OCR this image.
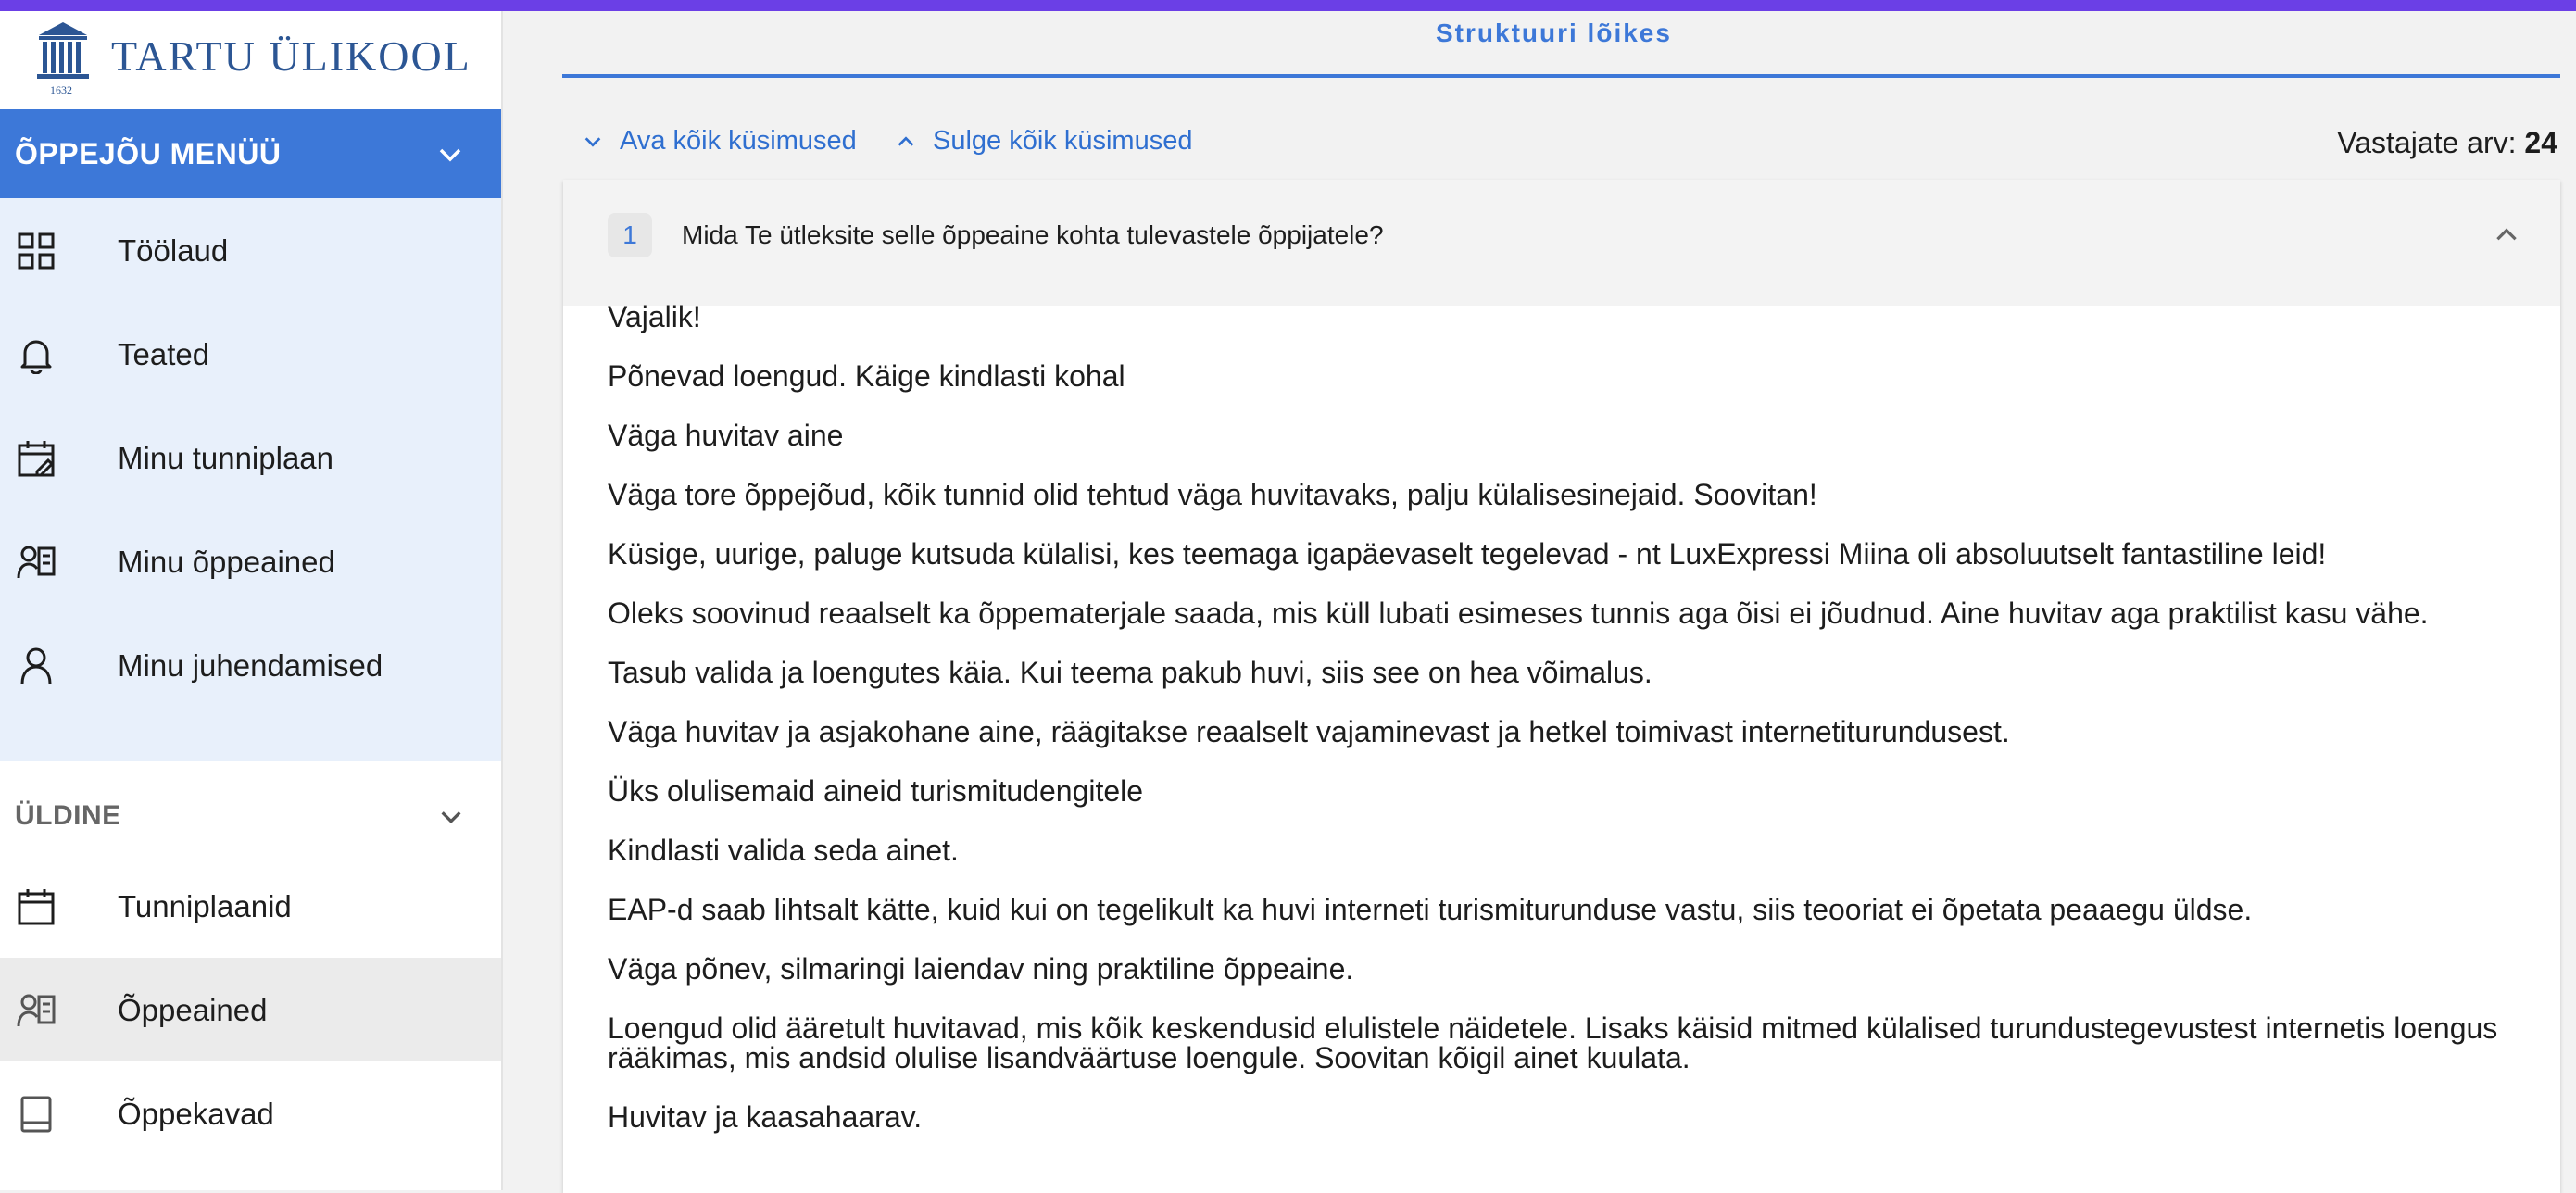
1632
TARTU ÜLIKOOL
ÕPPEJÕU MENÜÜ
Töölaud
Teated
Minu tunniplaan
Minu õppeained
Minu juhendamised
ÜLDINE
Tunniplaanid
Õppeained
Õppekavad
Struktuuri lõikes
Ava kõik küsimused	Sulge kõik küsimused	Vastajate arv: 24
1	Mida Te ütleksite selle õppeaine kohta tulevastele õppijatele?

Vajalik!

Põnevad loengud. Käige kindlasti kohal

Väga huvitav aine

Väga tore õppejõud, kõik tunnid olid tehtud väga huvitavaks, palju külalisesinejaid. Soovitan!

Küsige, uurige, paluge kutsuda külalisi, kes teemaga igapäevaselt tegelevad - nt LuxExpressi Miina oli absoluutselt fantastiline leid!

Oleks soovinud reaalselt ka õppematerjale saada, mis küll lubati esimeses tunnis aga õisi ei jõudnud. Aine huvitav aga praktilist kasu vähe.

Tasub valida ja loengutes käia. Kui teema pakub huvi, siis see on hea võimalus.

Väga huvitav ja asjakohane aine, räägitakse reaalselt vajaminevast ja hetkel toimivast internetiturundusest.

Üks olulisemaid aineid turismitudengitele

Kindlasti valida seda ainet.

EAP-d saab lihtsalt kätte, kuid kui on tegelikult ka huvi interneti turismiturunduse vastu, siis teooriat ei õpetata peaaegu üldse.

Väga põnev, silmaringi laiendav ning praktiline õppeaine.

Loengud olid ääretult huvitavad, mis kõik keskendusid elulistele näidetele. Lisaks käisid mitmed külalised turundustegevustest internetis loengus rääkimas, mis andsid olulise lisandväärtuse loengule. Soovitan kõigil ainet kuulata.

Huvitav ja kaasahaarav.
